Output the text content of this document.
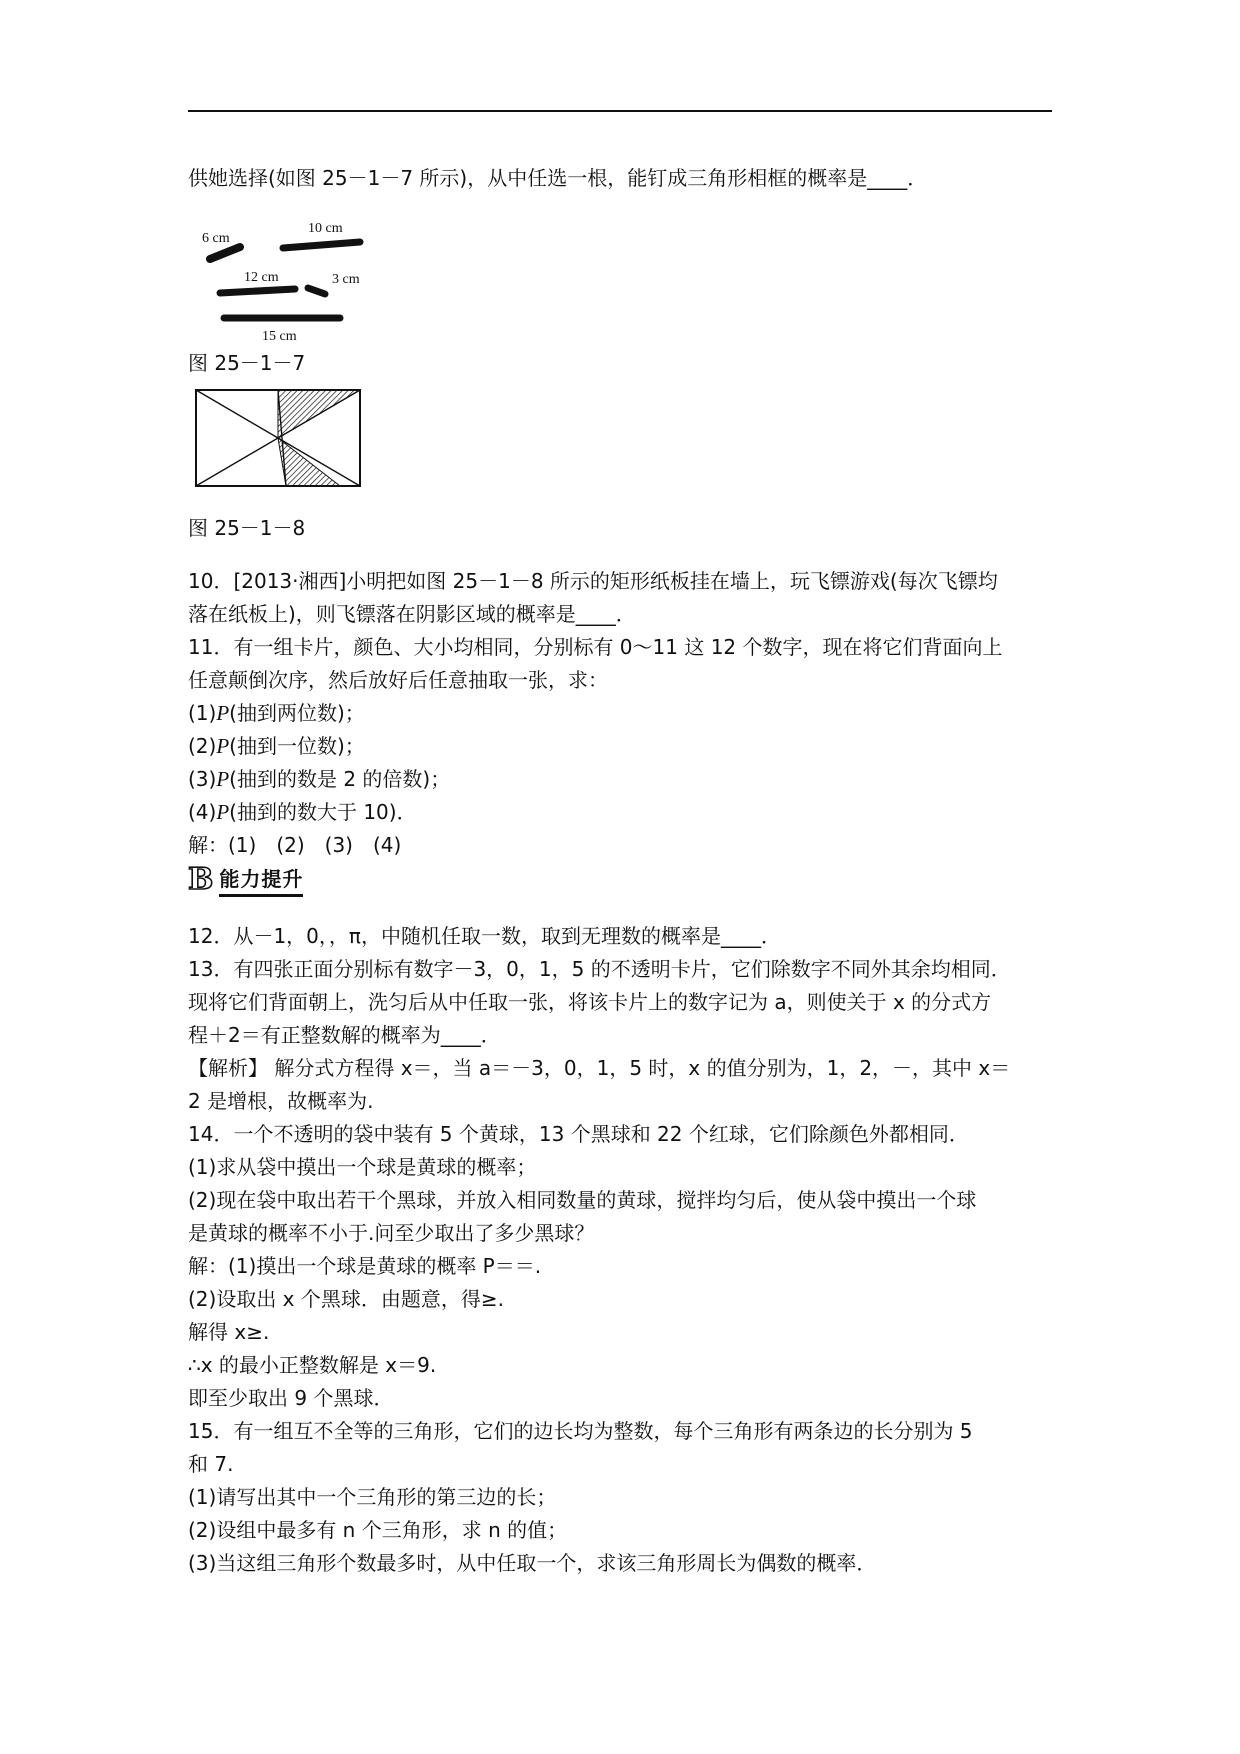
供她选择(如图 25－1－7 所示)，从中任选一根，能钉成三角形相框的概率是____．
6 cm
10 cm
12 cm	3 cm
15 cm
图 25－1－7
图 25－1－8
10．[2013·湘西]小明把如图 25－1－8 所示的矩形纸板挂在墙上，玩飞镖游戏(每次飞镖均
落在纸板上)，则飞镖落在阴影区域的概率是____．
11．有一组卡片，颜色、大小均相同，分别标有 0～11 这 12 个数字，现在将它们背面向上
任意颠倒次序，然后放好后任意抽取一张，求：
(1)P(抽到两位数)；
(2)P(抽到一位数)；
(3)P(抽到的数是 2 的倍数)；
(4)P(抽到的数大于 10)．
解：(1)　(2)　(3)　(4)
B 能力提升
12．从－1，0，，π，中随机任取一数，取到无理数的概率是____．
13．有四张正面分别标有数字－3，0，1，5 的不透明卡片，它们除数字不同外其余均相同．
现将它们背面朝上，洗匀后从中任取一张，将该卡片上的数字记为 a，则使关于 x 的分式方
程＋2＝有正整数解的概率为____．
【解析】 解分式方程得 x＝，当 a＝－3，0，1，5 时，x 的值分别为，1，2，－，其中 x＝
2 是增根，故概率为.
14．一个不透明的袋中装有 5 个黄球，13 个黑球和 22 个红球，它们除颜色外都相同．
(1)求从袋中摸出一个球是黄球的概率；
(2)现在袋中取出若干个黑球，并放入相同数量的黄球，搅拌均匀后，使从袋中摸出一个球
是黄球的概率不小于.问至少取出了多少黑球？
解：(1)摸出一个球是黄球的概率 P＝＝.
(2)设取出 x 个黑球．由题意，得≥.
解得 x≥.
∴x 的最小正整数解是 x＝9.
即至少取出 9 个黑球．
15．有一组互不全等的三角形，它们的边长均为整数，每个三角形有两条边的长分别为 5
和 7.
(1)请写出其中一个三角形的第三边的长；
(2)设组中最多有 n 个三角形，求 n 的值；
(3)当这组三角形个数最多时，从中任取一个，求该三角形周长为偶数的概率．
